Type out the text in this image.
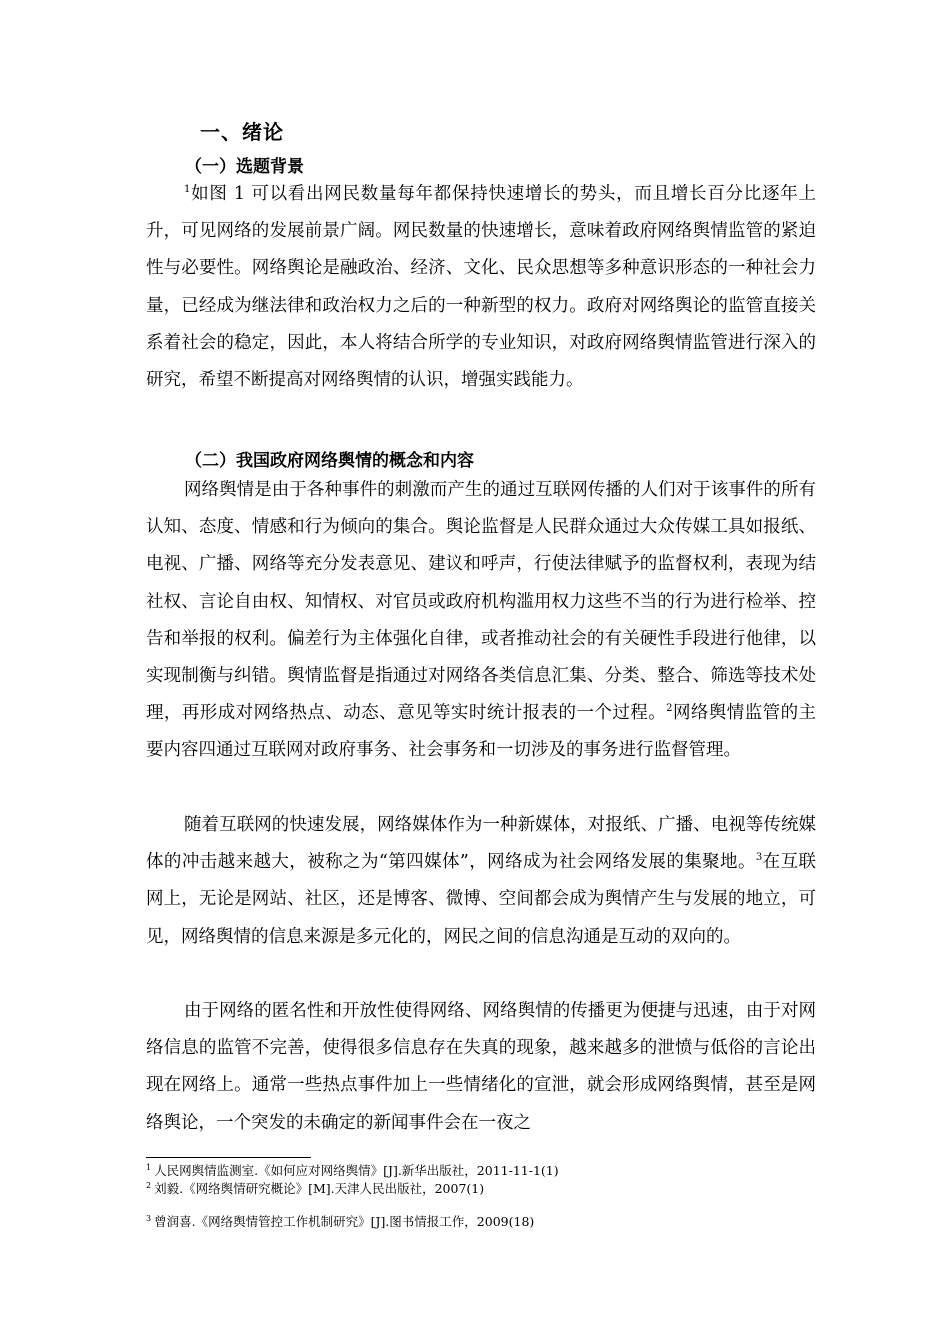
一、绪论
（一）选题背景

$^1$如图 1 可以看出网民数量每年都保持快速增长的势头，而且增长百分比逐年上升，可见网络的发展前景广阔。网民数量的快速增长，意味着政府网络舆情监管的紧迫性与必要性。网络舆论是融政治、经济、文化、民众思想等多种意识形态的一种社会力量，已经成为继法律和政治权力之后的一种新型的权力。政府对网络舆论的监管直接关系着社会的稳定，因此，本人将结合所学的专业知识，对政府网络舆情监管进行深入的研究，希望不断提高对网络舆情的认识，增强实践能力。

（二）我国政府网络舆情的概念和内容

网络舆情是由于各种事件的刺激而产生的通过互联网传播的人们对于该事件的所有认知、态度、情感和行为倾向的集合。舆论监督是人民群众通过大众传媒工具如报纸、电视、广播、网络等充分发表意见、建议和呼声，行使法律赋予的监督权利，表现为结社权、言论自由权、知情权、对官员或政府机构滥用权力这些不当的行为进行检举、控告和举报的权利。偏差行为主体强化自律，或者推动社会的有关硬性手段进行他律，以实现制衡与纠错。舆情监督是指通过对网络各类信息汇集、分类、整合、筛选等技术处理，再形成对网络热点、动态、意见等实时统计报表的一个过程。$^2$网络舆情监管的主要内容四通过互联网对政府事务、社会事务和一切涉及的事务进行监督管理。

随着互联网的快速发展，网络媒体作为一种新媒体，对报纸、广播、电视等传统媒体的冲击越来越大，被称之为“第四媒体”，网络成为社会网络发展的集聚地。$^3$在互联网上，无论是网站、社区，还是博客、微博、空间都会成为舆情产生与发展的地立，可见，网络舆情的信息来源是多元化的，网民之间的信息沟通是互动的双向的。

由于网络的匿名性和开放性使得网络、网络舆情的传播更为便捷与迅速，由于对网络信息的监管不完善，使得很多信息存在失真的现象，越来越多的泄愤与低俗的言论出现在网络上。通常一些热点事件加上一些情绪化的宣泄，就会形成网络舆情，甚至是网络舆论，一个突发的未确定的新闻事件会在一夜之

$^1$ 人民网舆情监测室.《如何应对网络舆情》[J].新华出版社，2011-11-1(1)
$^2$ 刘毅.《网络舆情研究概论》[M].天津人民出版社，2007(1)
$^3$ 曾润喜.《网络舆情管控工作机制研究》[J].图书情报工作，2009(18)
